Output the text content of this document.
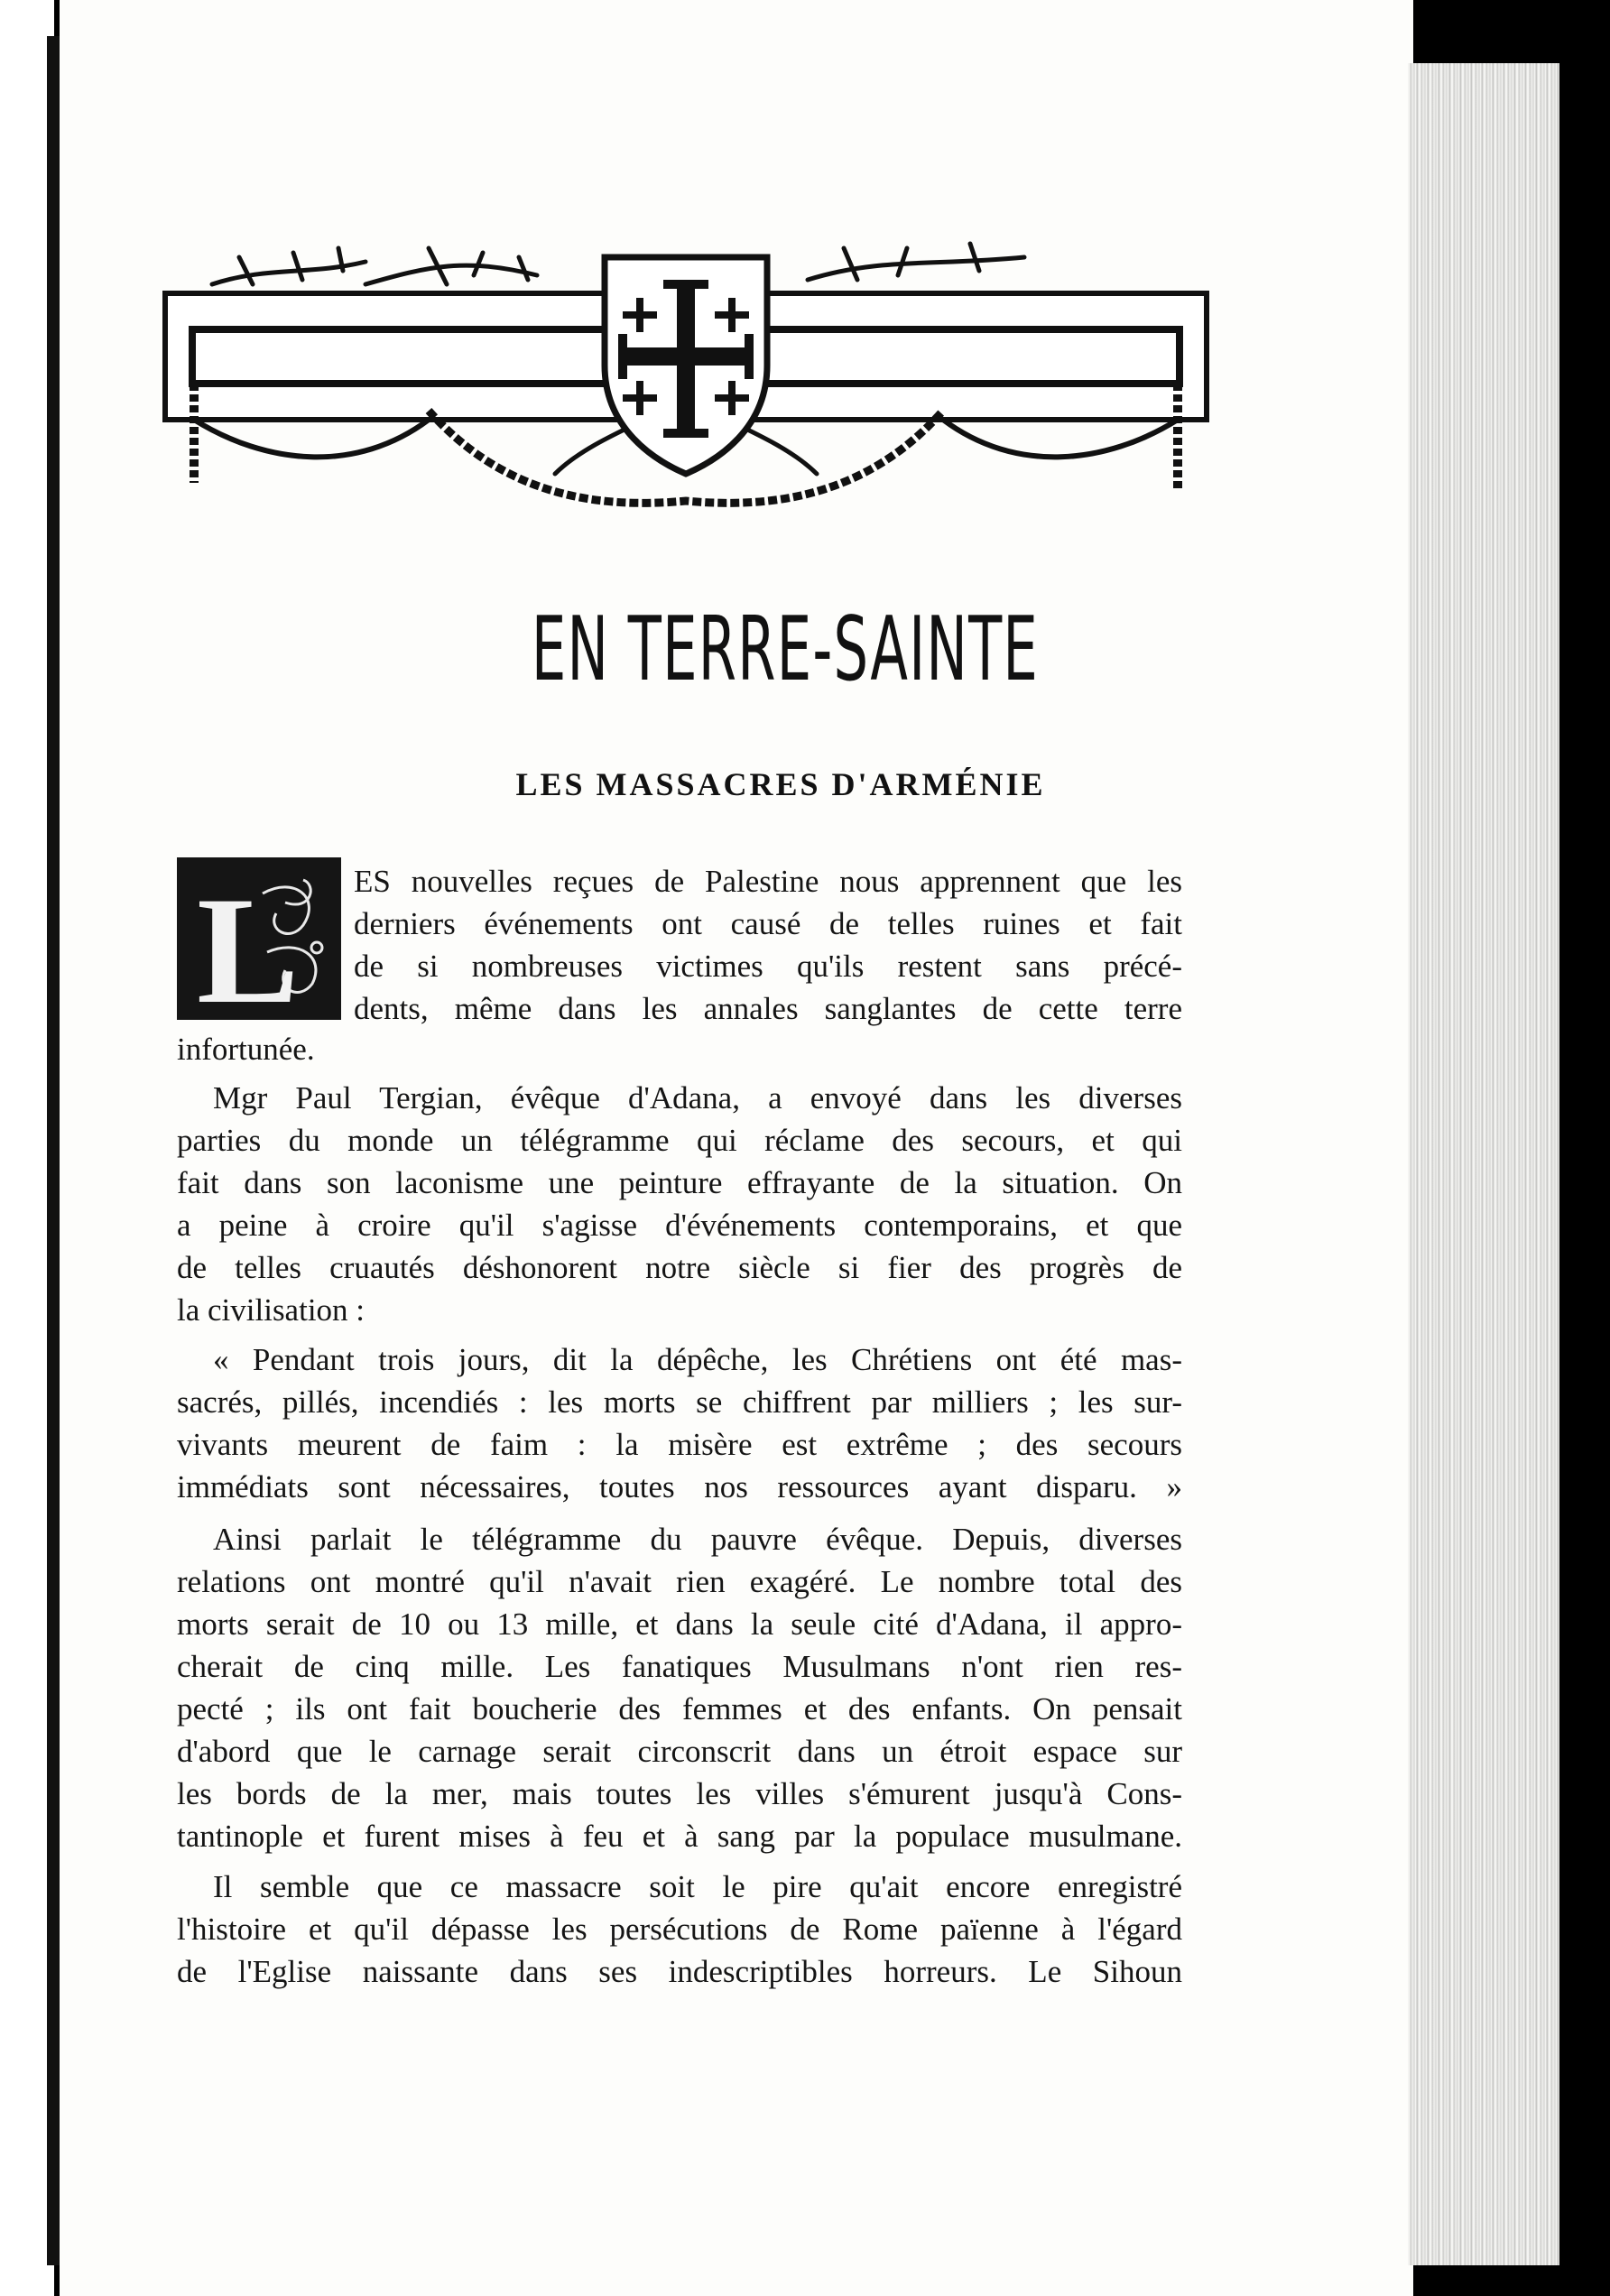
EN TERRE-SAINTE
LES MASSACRES D'ARMÉNIE
L ES nouvelles reçues de Palestine nous apprennent que les

derniers événements ont causé de telles ruines et fait

de si nombreuses victimes qu'ils restent sans précé-

dents, même dans les annales sanglantes de cette terre

infortunée.

Mgr Paul Tergian, évêque d'Adana, a envoyé dans les diverses

parties du monde un télégramme qui réclame des secours, et qui

fait dans son laconisme une peinture effrayante de la situation. On

a peine à croire qu'il s'agisse d'événements contemporains, et que

de telles cruautés déshonorent notre siècle si fier des progrès de

la civilisation :

« Pendant trois jours, dit la dépêche, les Chrétiens ont été mas-

sacrés, pillés, incendiés : les morts se chiffrent par milliers ; les sur-

vivants meurent de faim : la misère est extrême ; des secours

immédiats sont nécessaires, toutes nos ressources ayant disparu. »

Ainsi parlait le télégramme du pauvre évêque. Depuis, diverses

relations ont montré qu'il n'avait rien exagéré. Le nombre total des

morts serait de 10 ou 13 mille, et dans la seule cité d'Adana, il appro-

cherait de cinq mille. Les fanatiques Musulmans n'ont rien res-

pecté ; ils ont fait boucherie des femmes et des enfants. On pensait

d'abord que le carnage serait circonscrit dans un étroit espace sur

les bords de la mer, mais toutes les villes s'émurent jusqu'à Cons-

tantinople et furent mises à feu et à sang par la populace musulmane.

Il semble que ce massacre soit le pire qu'ait encore enregistré

l'histoire et qu'il dépasse les persécutions de Rome païenne à l'égard

de l'Eglise naissante dans ses indescriptibles horreurs. Le Sihoun
